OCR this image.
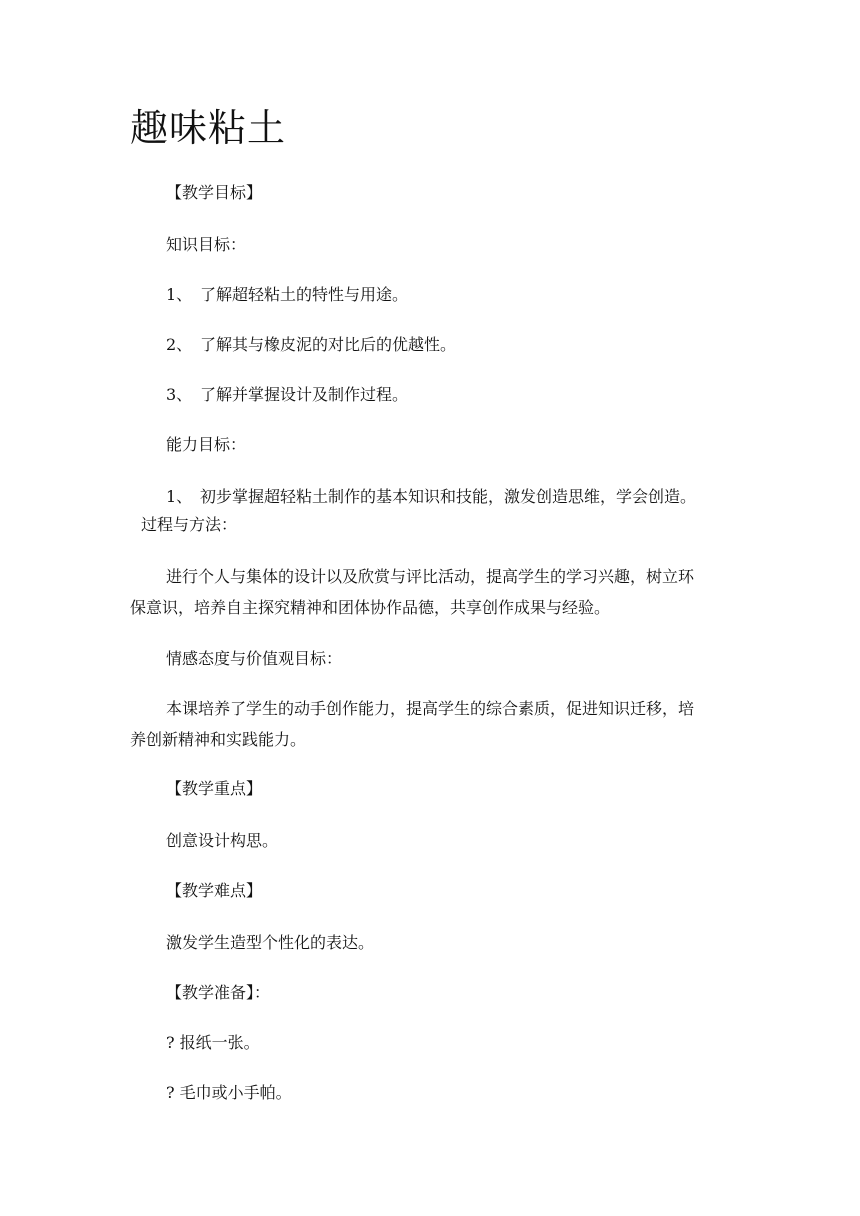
趣味粘土
【教学目标】
知识目标：
1、 了解超轻粘土的特性与用途。
2、 了解其与橡皮泥的对比后的优越性。
3、 了解并掌握设计及制作过程。
能力目标：
1、 初步掌握超轻粘土制作的基本知识和技能，激发创造思维，学会创造。
过程与方法：
进行个人与集体的设计以及欣赏与评比活动，提高学生的学习兴趣，树立环
保意识，培养自主探究精神和团体协作品德，共享创作成果与经验。
情感态度与价值观目标：
本课培养了学生的动手创作能力，提高学生的综合素质，促进知识迁移，培
养创新精神和实践能力。
【教学重点】
创意设计构思。
【教学难点】
激发学生造型个性化的表达。
【教学准备】：
? 报纸一张。
? 毛巾或小手帕。
